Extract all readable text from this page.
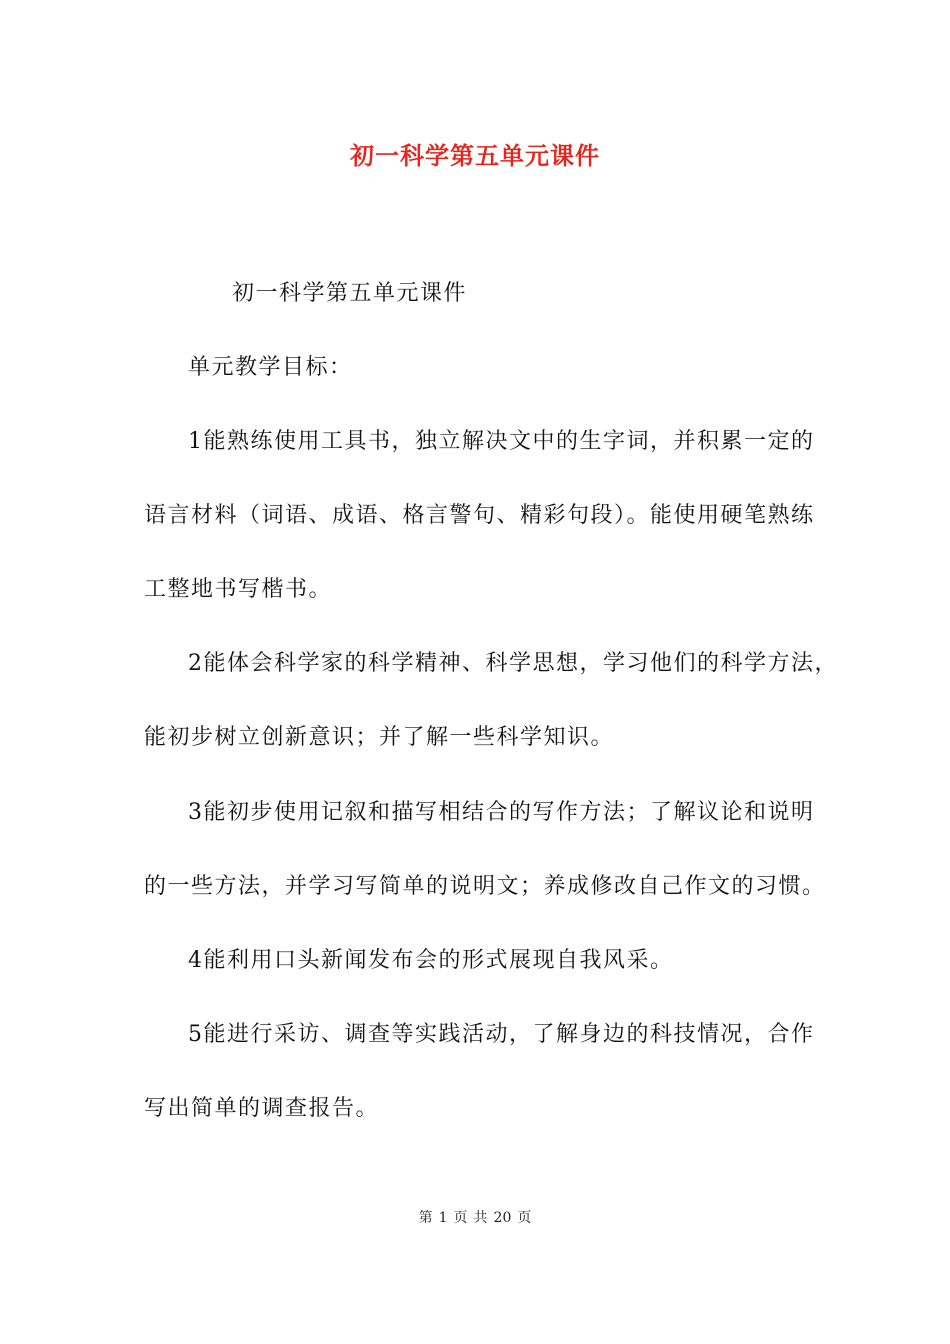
初一科学第五单元课件
初一科学第五单元课件
单元教学目标：
1能熟练使用工具书，独立解决文中的生字词，并积累一定的
语言材料（词语、成语、格言警句、精彩句段）。能使用硬笔熟练
工整地书写楷书。
2能体会科学家的科学精神、科学思想，学习他们的科学方法，
能初步树立创新意识；并了解一些科学知识。
3能初步使用记叙和描写相结合的写作方法；了解议论和说明
的一些方法，并学习写简单的说明文；养成修改自己作文的习惯。
4能利用口头新闻发布会的形式展现自我风采。
5能进行采访、调查等实践活动，了解身边的科技情况，合作
写出简单的调查报告。
第 1 页 共 20 页
